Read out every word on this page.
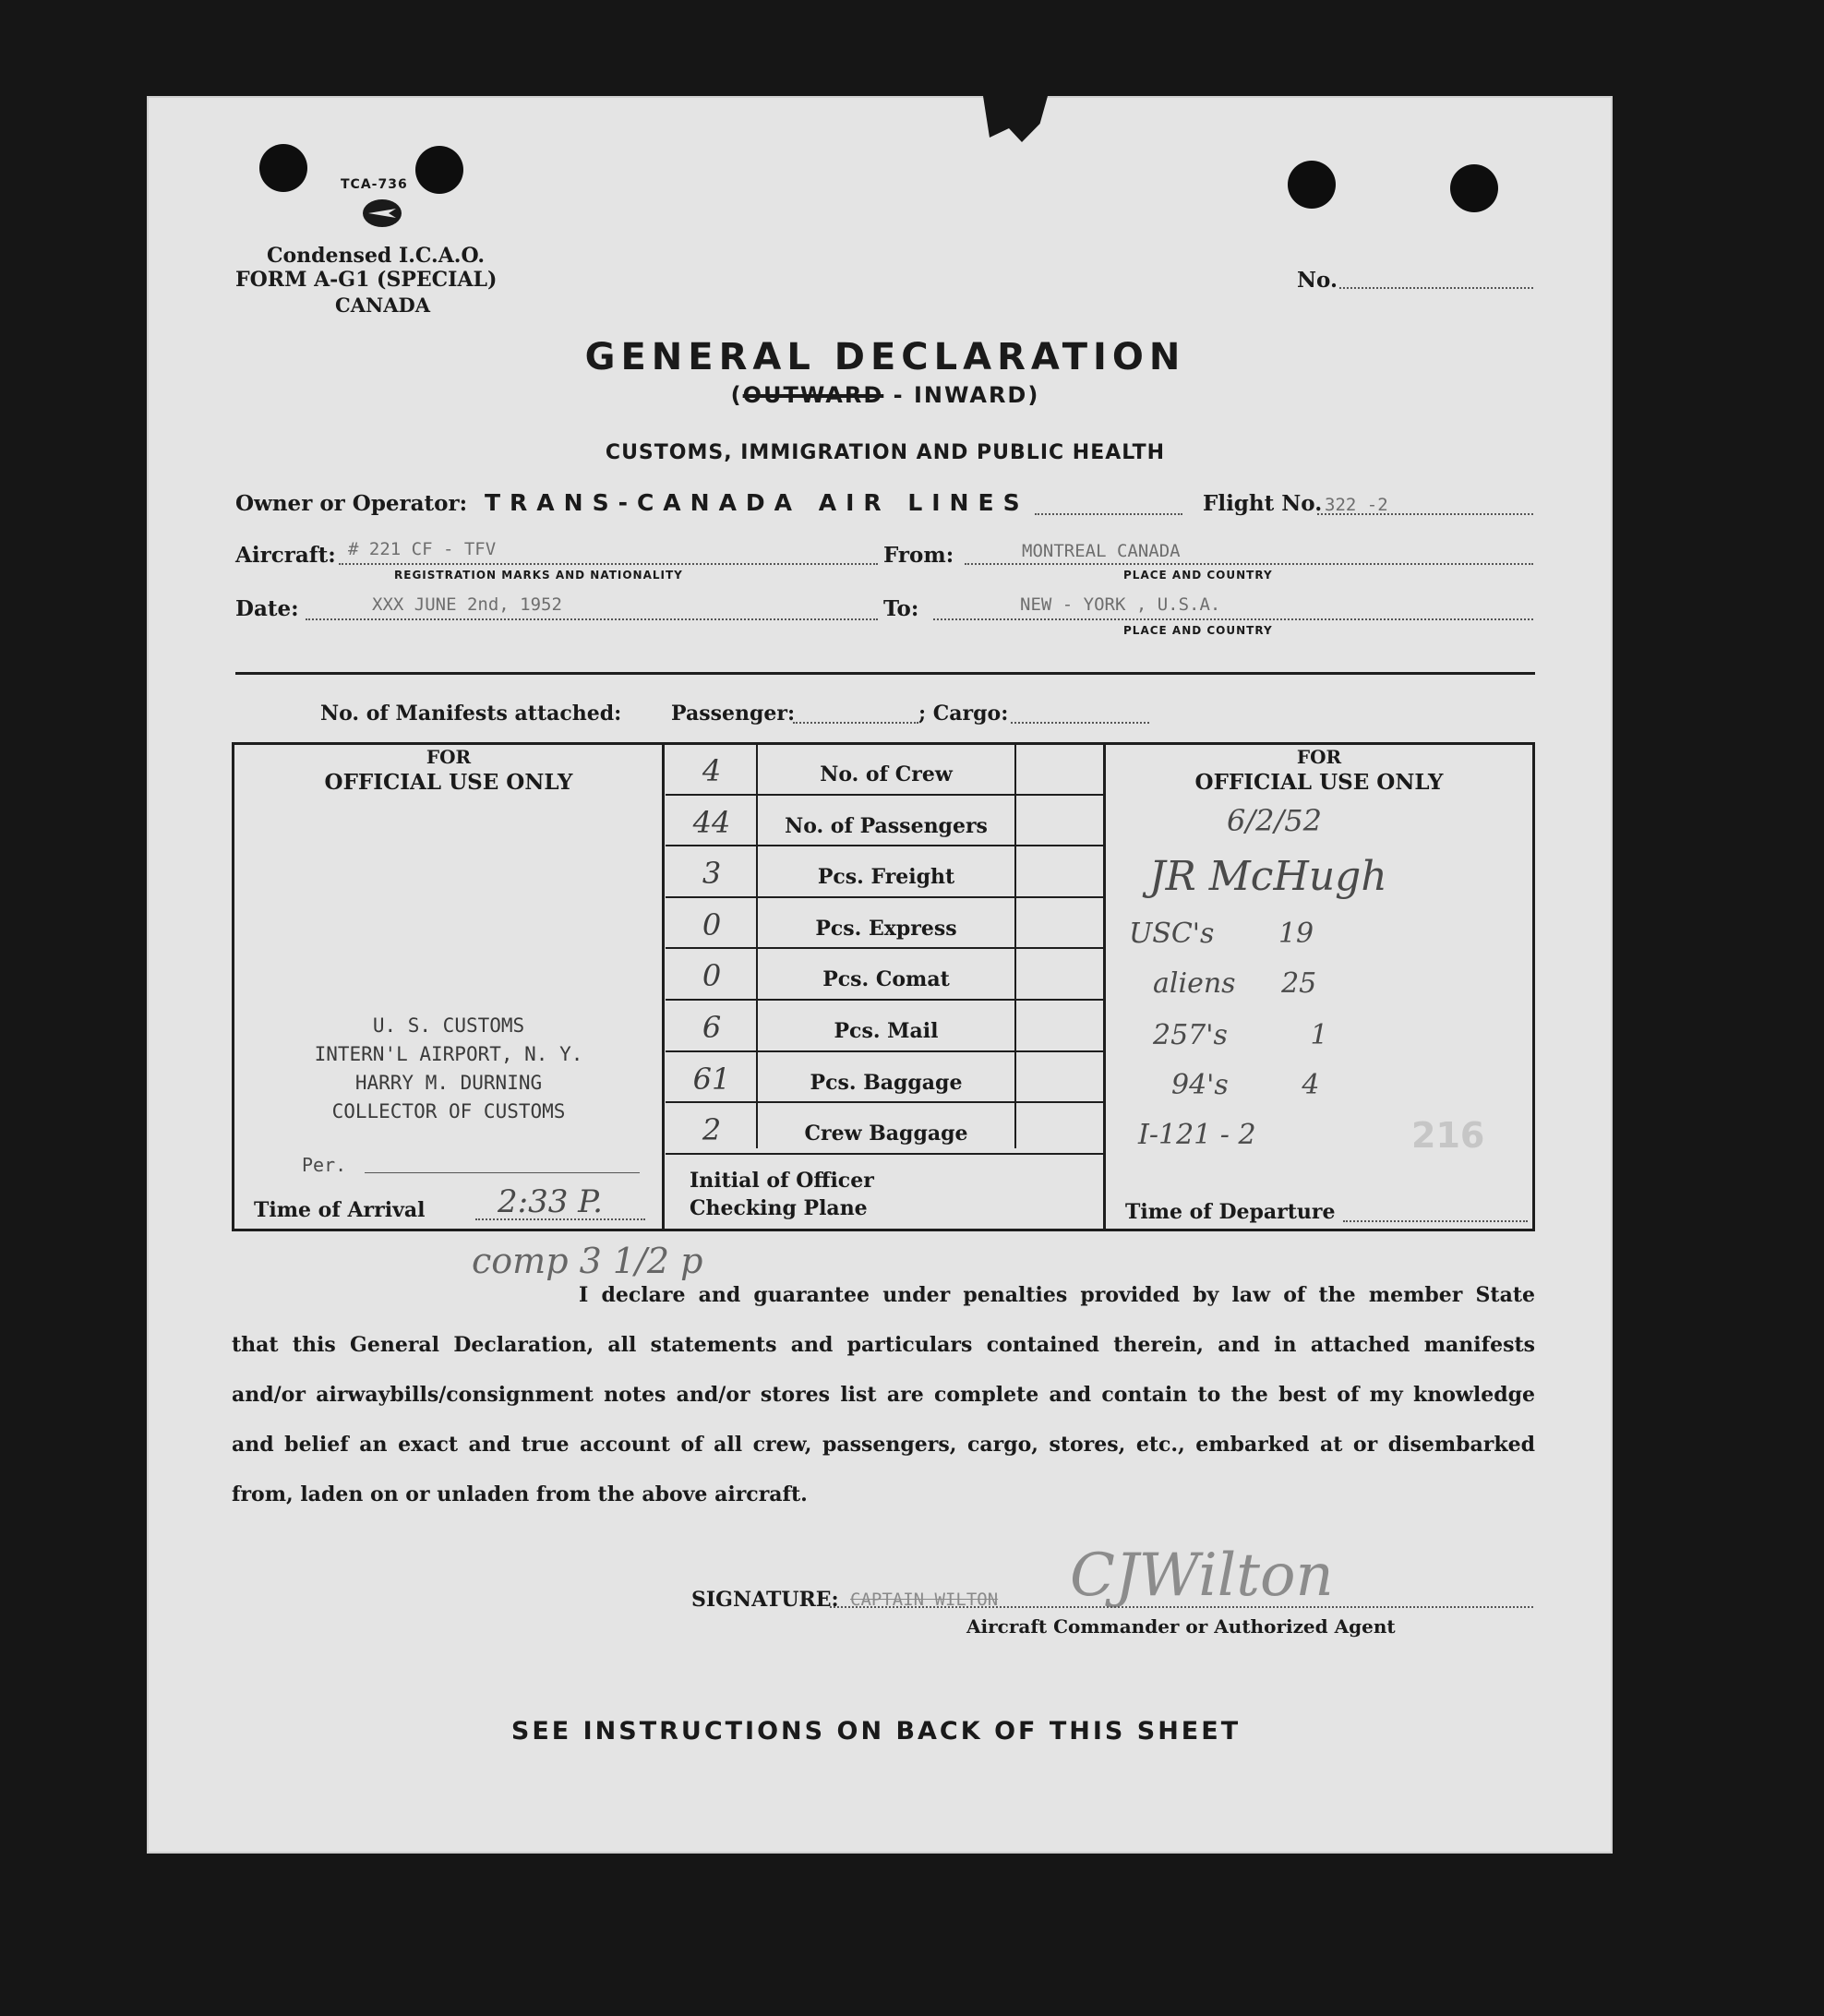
TCA-736
Condensed I.C.A.O.
FORM A-G1 (SPECIAL)
CANADA
No.
GENERAL DECLARATION
(OUTWARD - INWARD)
CUSTOMS, IMMIGRATION AND PUBLIC HEALTH
Owner or Operator: TRANS-CANADA AIR LINES	Flight No. 322 -2
Aircraft: # 221 CF - TFV
REGISTRATION MARKS AND NATIONALITY
From:	MONTREAL CANADA
PLACE AND COUNTRY
Date:	XXX JUNE 2nd, 1952	To:	NEW - YORK , U.S.A.
PLACE AND COUNTRY
No. of Manifests attached: Passenger:	; Cargo:
FOR
OFFICIAL USE ONLY
U. S. CUSTOMS
INTERN'L AIRPORT, N. Y.
HARRY M. DURNING
COLLECTOR OF CUSTOMS
Per.
Time of Arrival 2:33 P.
Initial of Officer
Checking Plane
FOR
OFFICIAL USE ONLY
6/2/52
JR McHugh
USC's 19
aliens 25
257's 1
94's 4
I-121 - 2	216
Time of Departure
comp 3 1/2 p
I declare and guarantee under penalties provided by law of the member State
that this General Declaration, all statements and particulars contained therein, and in attached manifests
and/or airwaybills/consignment notes and/or stores list are complete and contain to the best of my knowledge
and belief an exact and true account of all crew, passengers, cargo, stores, etc., embarked at or disembarked
from, laden on or unladen from the above aircraft.
SIGNATURE: CAPTAIN WILTON CJWilton
Aircraft Commander or Authorized Agent
SEE INSTRUCTIONS ON BACK OF THIS SHEET
4	No. of Crew
44	No. of Passengers
3	Pcs. Freight
0	Pcs. Express
0	Pcs. Comat
6	Pcs. Mail
61	Pcs. Baggage
2	Crew Baggage
